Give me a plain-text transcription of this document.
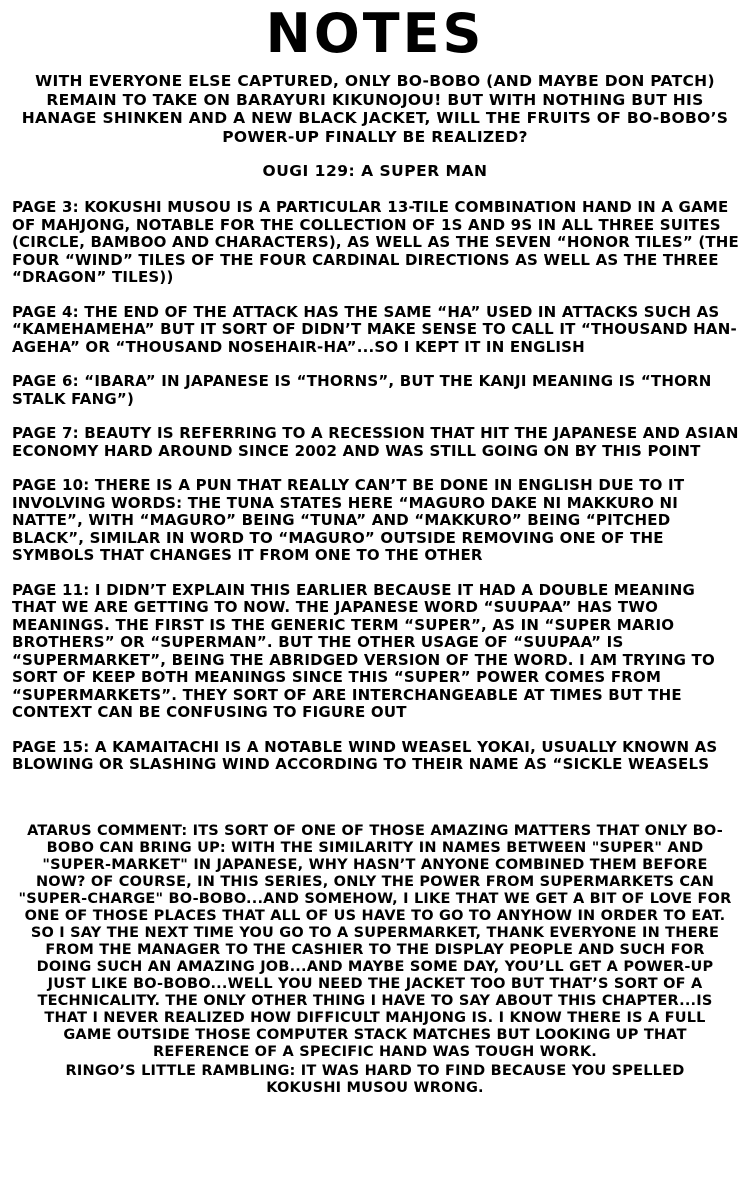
NOTES
WITH EVERYONE ELSE CAPTURED, ONLY BO-BOBO (AND MAYBE DON PATCH) REMAIN TO TAKE ON BARAYURI KIKUNOJOU! BUT WITH NOTHING BUT HIS HANAGE SHINKEN AND A NEW BLACK JACKET, WILL THE FRUITS OF BO-BOBO’S POWER-UP FINALLY BE REALIZED?
OUGI 129: A SUPER MAN

PAGE 3: KOKUSHI MUSOU IS A PARTICULAR 13-TILE COMBINATION HAND IN A GAME OF MAHJONG, NOTABLE FOR THE COLLECTION OF 1S AND 9S IN ALL THREE SUITES (CIRCLE, BAMBOO AND CHARACTERS), AS WELL AS THE SEVEN “HONOR TILES” (THE FOUR “WIND” TILES OF THE FOUR CARDINAL DIRECTIONS AS WELL AS THE THREE “DRAGON” TILES))

PAGE 4: THE END OF THE ATTACK HAS THE SAME “HA” USED IN ATTACKS SUCH AS “KAMEHAMEHA” BUT IT SORT OF DIDN’T MAKE SENSE TO CALL IT “THOUSAND HAN-AGEHA” OR “THOUSAND NOSEHAIR-HA”...SO I KEPT IT IN ENGLISH

PAGE 6: “IBARA” IN JAPANESE IS “THORNS”, BUT THE KANJI MEANING IS “THORN STALK FANG”)

PAGE 7: BEAUTY IS REFERRING TO A RECESSION THAT HIT THE JAPANESE AND ASIAN ECONOMY HARD AROUND SINCE 2002 AND WAS STILL GOING ON BY THIS POINT

PAGE 10: THERE IS A PUN THAT REALLY CAN’T BE DONE IN ENGLISH DUE TO IT INVOLVING WORDS: THE TUNA STATES HERE “MAGURO DAKE NI MAKKURO NI NATTE”, WITH “MAGURO” BEING “TUNA” AND “MAKKURO” BEING “PITCHED BLACK”, SIMILAR IN WORD TO “MAGURO” OUTSIDE REMOVING ONE OF THE SYMBOLS THAT CHANGES IT FROM ONE TO THE OTHER

PAGE 11: I DIDN’T EXPLAIN THIS EARLIER BECAUSE IT HAD A DOUBLE MEANING THAT WE ARE GETTING TO NOW. THE JAPANESE WORD “SUUPAA” HAS TWO MEANINGS. THE FIRST IS THE GENERIC TERM “SUPER”, AS IN “SUPER MARIO BROTHERS” OR “SUPERMAN”. BUT THE OTHER USAGE OF “SUUPAA” IS “SUPERMARKET”, BEING THE ABRIDGED VERSION OF THE WORD. I AM TRYING TO SORT OF KEEP BOTH MEANINGS SINCE THIS “SUPER” POWER COMES FROM “SUPERMARKETS”. THEY SORT OF ARE INTERCHANGEABLE AT TIMES BUT THE CONTEXT CAN BE CONFUSING TO FIGURE OUT

PAGE 15: A KAMAITACHI IS A NOTABLE WIND WEASEL YOKAI, USUALLY KNOWN AS BLOWING OR SLASHING WIND ACCORDING TO THEIR NAME AS “SICKLE WEASELS

ATARUS COMMENT: ITS SORT OF ONE OF THOSE AMAZING MATTERS THAT ONLY BO-BOBO CAN BRING UP: WITH THE SIMILARITY IN NAMES BETWEEN "SUPER" AND "SUPER-MARKET" IN JAPANESE, WHY HASN’T ANYONE COMBINED THEM BEFORE NOW? OF COURSE, IN THIS SERIES, ONLY THE POWER FROM SUPERMARKETS CAN "SUPER-CHARGE" BO-BOBO...AND SOMEHOW, I LIKE THAT WE GET A BIT OF LOVE FOR ONE OF THOSE PLACES THAT ALL OF US HAVE TO GO TO ANYHOW IN ORDER TO EAT. SO I SAY THE NEXT TIME YOU GO TO A SUPERMARKET, THANK EVERYONE IN THERE FROM THE MANAGER TO THE CASHIER TO THE DISPLAY PEOPLE AND SUCH FOR DOING SUCH AN AMAZING JOB...AND MAYBE SOME DAY, YOU’LL GET A POWER-UP JUST LIKE BO-BOBO...WELL YOU NEED THE JACKET TOO BUT THAT’S SORT OF A TECHNICALITY. THE ONLY OTHER THING I HAVE TO SAY ABOUT THIS CHAPTER...IS THAT I NEVER REALIZED HOW DIFFICULT MAHJONG IS. I KNOW THERE IS A FULL GAME OUTSIDE THOSE COMPUTER STACK MATCHES BUT LOOKING UP THAT REFERENCE OF A SPECIFIC HAND WAS TOUGH WORK.
RINGO’S LITTLE RAMBLING: IT WAS HARD TO FIND BECAUSE YOU SPELLED KOKUSHI MUSOU WRONG.
